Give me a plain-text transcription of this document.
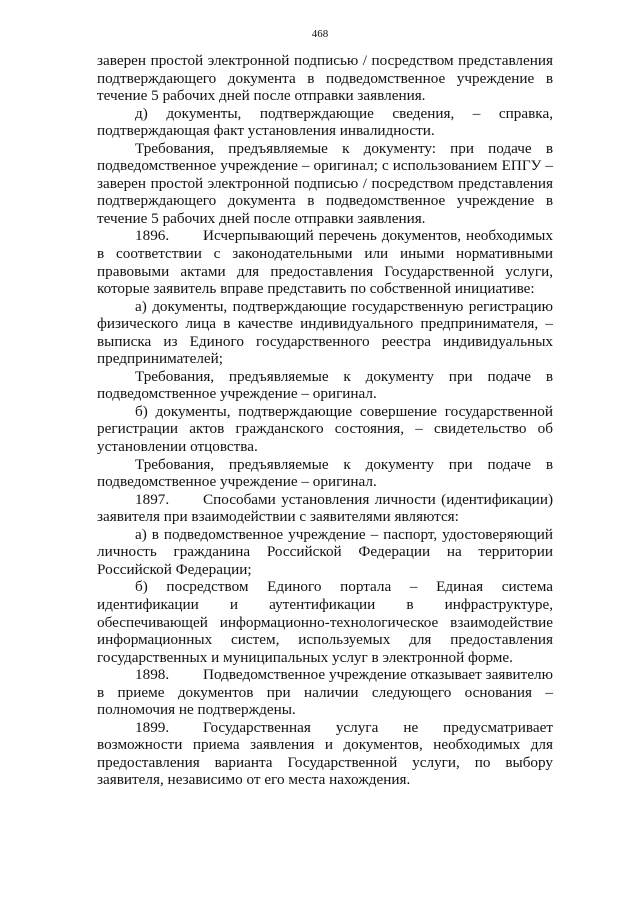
468

заверен простой электронной подписью / посредством представления подтверждающего документа в подведомственное учреждение в течение 5 рабочих дней после отправки заявления.

д) документы, подтверждающие сведения, – справка, подтверждающая факт установления инвалидности.

Требования, предъявляемые к документу: при подаче в подведомственное учреждение – оригинал; с использованием ЕПГУ – заверен простой электронной подписью / посредством представления подтверждающего документа в подведомственное учреждение в течение 5 рабочих дней после отправки заявления.

1896. Исчерпывающий перечень документов, необходимых в соответствии с законодательными или иными нормативными правовыми актами для предоставления Государственной услуги, которые заявитель вправе представить по собственной инициативе:

а) документы, подтверждающие государственную регистрацию физического лица в качестве индивидуального предпринимателя, – выписка из Единого государственного реестра индивидуальных предпринимателей;

Требования, предъявляемые к документу при подаче в подведомственное учреждение – оригинал.

б) документы, подтверждающие совершение государственной регистрации актов гражданского состояния, – свидетельство об установлении отцовства.

Требования, предъявляемые к документу при подаче в подведомственное учреждение – оригинал.

1897. Способами установления личности (идентификации) заявителя при взаимодействии с заявителями являются:

а) в подведомственное учреждение – паспорт, удостоверяющий личность гражданина Российской Федерации на территории Российской Федерации;

б) посредством Единого портала – Единая система идентификации и аутентификации в инфраструктуре, обеспечивающей информационно-технологическое взаимодействие информационных систем, используемых для предоставления государственных и муниципальных услуг в электронной форме.

1898. Подведомственное учреждение отказывает заявителю в приеме документов при наличии следующего основания – полномочия не подтверждены.

1899. Государственная услуга не предусматривает возможности приема заявления и документов, необходимых для предоставления варианта Государственной услуги, по выбору заявителя, независимо от его места нахождения.
